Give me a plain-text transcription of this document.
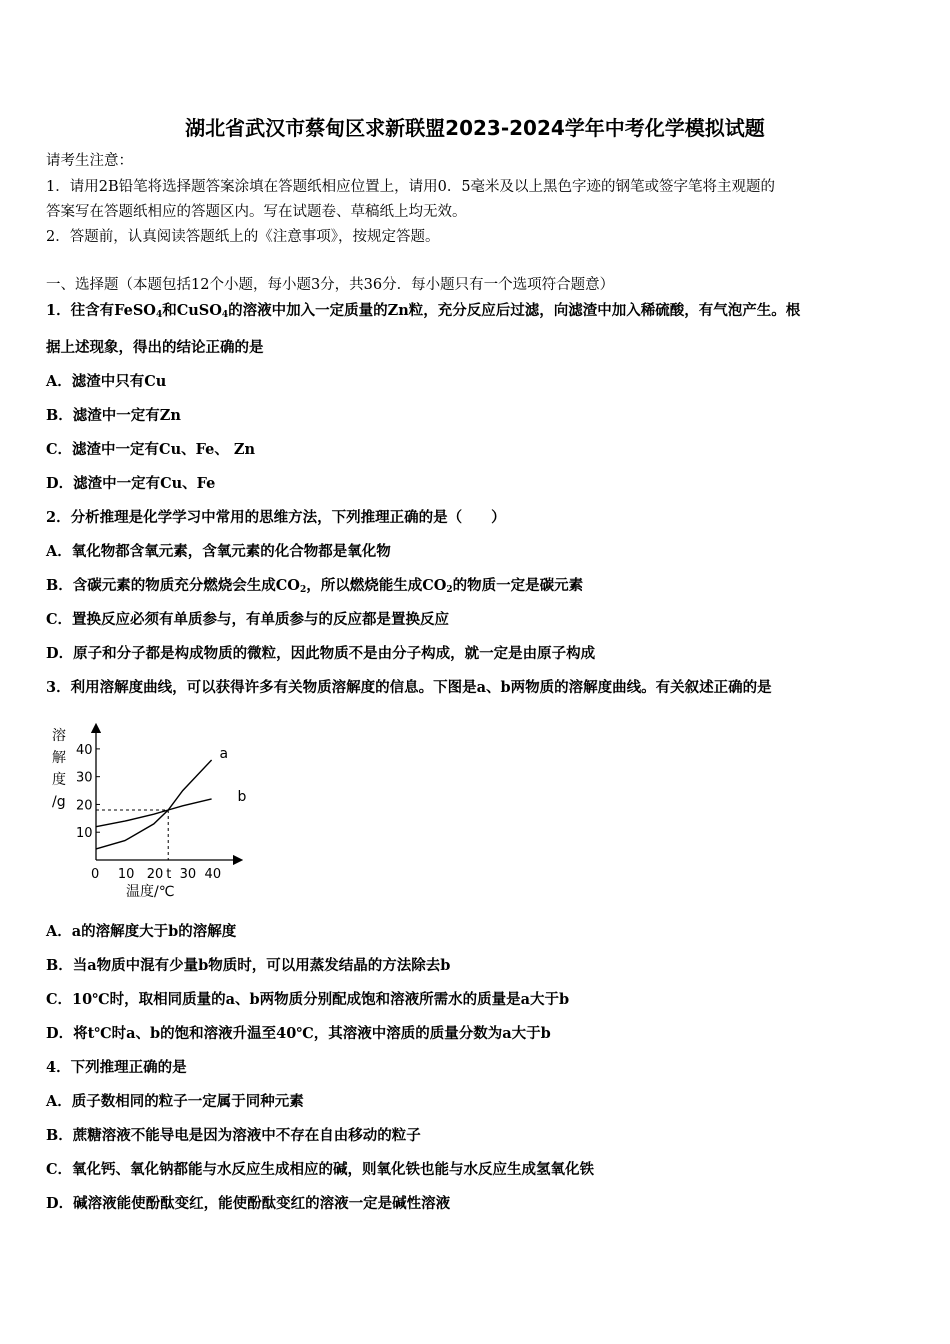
湖北省武汉市蔡甸区求新联盟2023-2024学年中考化学模拟试题
请考生注意：
1．请用2B铅笔将选择题答案涂填在答题纸相应位置上，请用0．5毫米及以上黑色字迹的钢笔或签字笔将主观题的
答案写在答题纸相应的答题区内。写在试题卷、草稿纸上均无效。
2．答题前，认真阅读答题纸上的《注意事项》，按规定答题。
一、选择题（本题包括12个小题，每小题3分，共36分．每小题只有一个选项符合题意）
1．往含有FeSO$_4$和CuSO$_4$的溶液中加入一定质量的Zn粒，充分反应后过滤，向滤渣中加入稀硫酸，有气泡产生。根
据上述现象，得出的结论正确的是
A．滤渣中只有Cu
B．滤渣中一定有Zn
C．滤渣中一定有Cu、Fe、 Zn
D．滤渣中一定有Cu、Fe
2．分析推理是化学学习中常用的思维方法，下列推理正确的是（　　）
A．氧化物都含氧元素，含氧元素的化合物都是氧化物
B．含碳元素的物质充分燃烧会生成$CO_2$，所以燃烧能生成$CO_2$的物质一定是碳元素
C．置换反应必须有单质参与，有单质参与的反应都是置换反应
D．原子和分子都是构成物质的微粒，因此物质不是由分子构成，就一定是由原子构成
3．利用溶解度曲线，可以获得许多有关物质溶解度的信息。下图是a、b两物质的溶解度曲线。有关叙述正确的是
溶
解
度
/g
0 10 20 t 30 40
10
20
30
40	a
b
温度/℃
A．a的溶解度大于b的溶解度
B．当a物质中混有少量b物质时，可以用蒸发结晶的方法除去b
C．10℃时，取相同质量的a、b两物质分别配成饱和溶液所需水的质量是a大于b
D．将t℃时a、b的饱和溶液升温至40℃，其溶液中溶质的质量分数为a大于b
4．下列推理正确的是
A．质子数相同的粒子一定属于同种元素
B．蔗糖溶液不能导电是因为溶液中不存在自由移动的粒子
C．氧化钙、氧化钠都能与水反应生成相应的碱，则氧化铁也能与水反应生成氢氧化铁
D．碱溶液能使酚酞变红，能使酚酞变红的溶液一定是碱性溶液
